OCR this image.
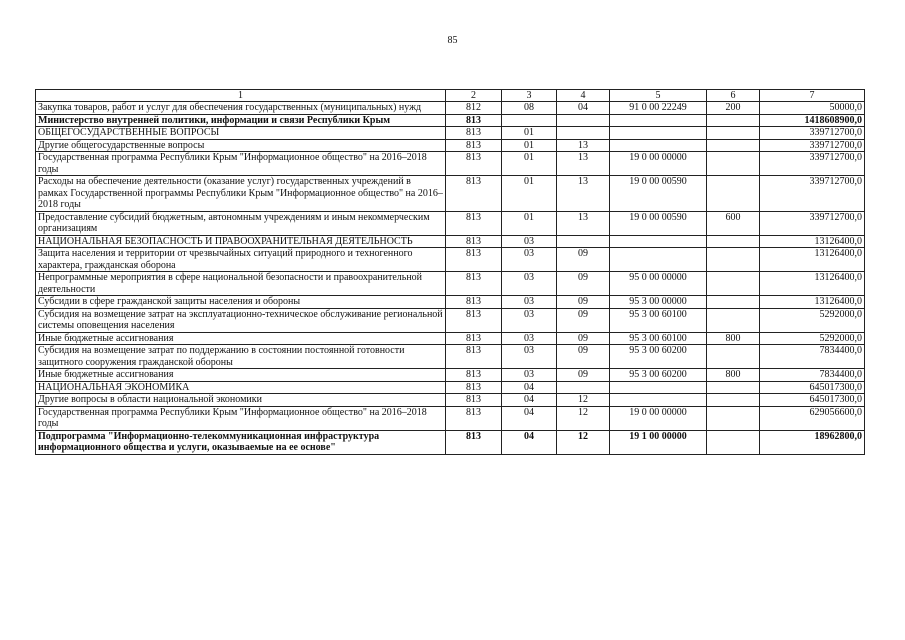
85
1	2	3	4	5	6	7
Закупка товаров, работ и услуг для обеспечения государственных (муниципальных) нужд	812	08	04	91 0 00 22249	200	50000,0
Министерство внутренней политики, информации и связи Республики Крым	813					1418608900,0
ОБЩЕГОСУДАРСТВЕННЫЕ ВОПРОСЫ	813	01				339712700,0
Другие общегосударственные вопросы	813	01	13			339712700,0
Государственная программа Республики Крым "Информационное общество" на 2016–2018 годы	813	01	13	19 0 00 00000		339712700,0
Расходы на обеспечение деятельности (оказание услуг) государственных учреждений в рамках Государственной программы Республики Крым "Информационное общество" на 2016–2018 годы	813	01	13	19 0 00 00590		339712700,0
Предоставление субсидий бюджетным, автономным учреждениям и иным некоммерческим организациям	813	01	13	19 0 00 00590	600	339712700,0
НАЦИОНАЛЬНАЯ БЕЗОПАСНОСТЬ И ПРАВООХРАНИТЕЛЬНАЯ ДЕЯТЕЛЬНОСТЬ	813	03				13126400,0
Защита населения и территории от чрезвычайных ситуаций природного и техногенного характера, гражданская оборона	813	03	09			13126400,0
Непрограммные мероприятия в сфере национальной безопасности и правоохранительной деятельности	813	03	09	95 0 00 00000		13126400,0
Субсидии в сфере гражданской защиты населения и обороны	813	03	09	95 3 00 00000		13126400,0
Субсидия на возмещение затрат на эксплуатационно-техническое обслуживание региональной системы оповещения населения	813	03	09	95 3 00 60100		5292000,0
Иные бюджетные ассигнования	813	03	09	95 3 00 60100	800	5292000,0
Субсидия на возмещение затрат по поддержанию в состоянии постоянной готовности защитного сооружения гражданской обороны	813	03	09	95 3 00 60200		7834400,0
Иные бюджетные ассигнования	813	03	09	95 3 00 60200	800	7834400,0
НАЦИОНАЛЬНАЯ ЭКОНОМИКА	813	04				645017300,0
Другие вопросы в области национальной экономики	813	04	12			645017300,0
Государственная программа Республики Крым "Информационное общество" на 2016–2018 годы	813	04	12	19 0 00 00000		629056600,0
Подпрограмма "Информационно-телекоммуникационная инфраструктура информационного общества и услуги, оказываемые на ее основе"	813	04	12	19 1 00 00000		18962800,0
